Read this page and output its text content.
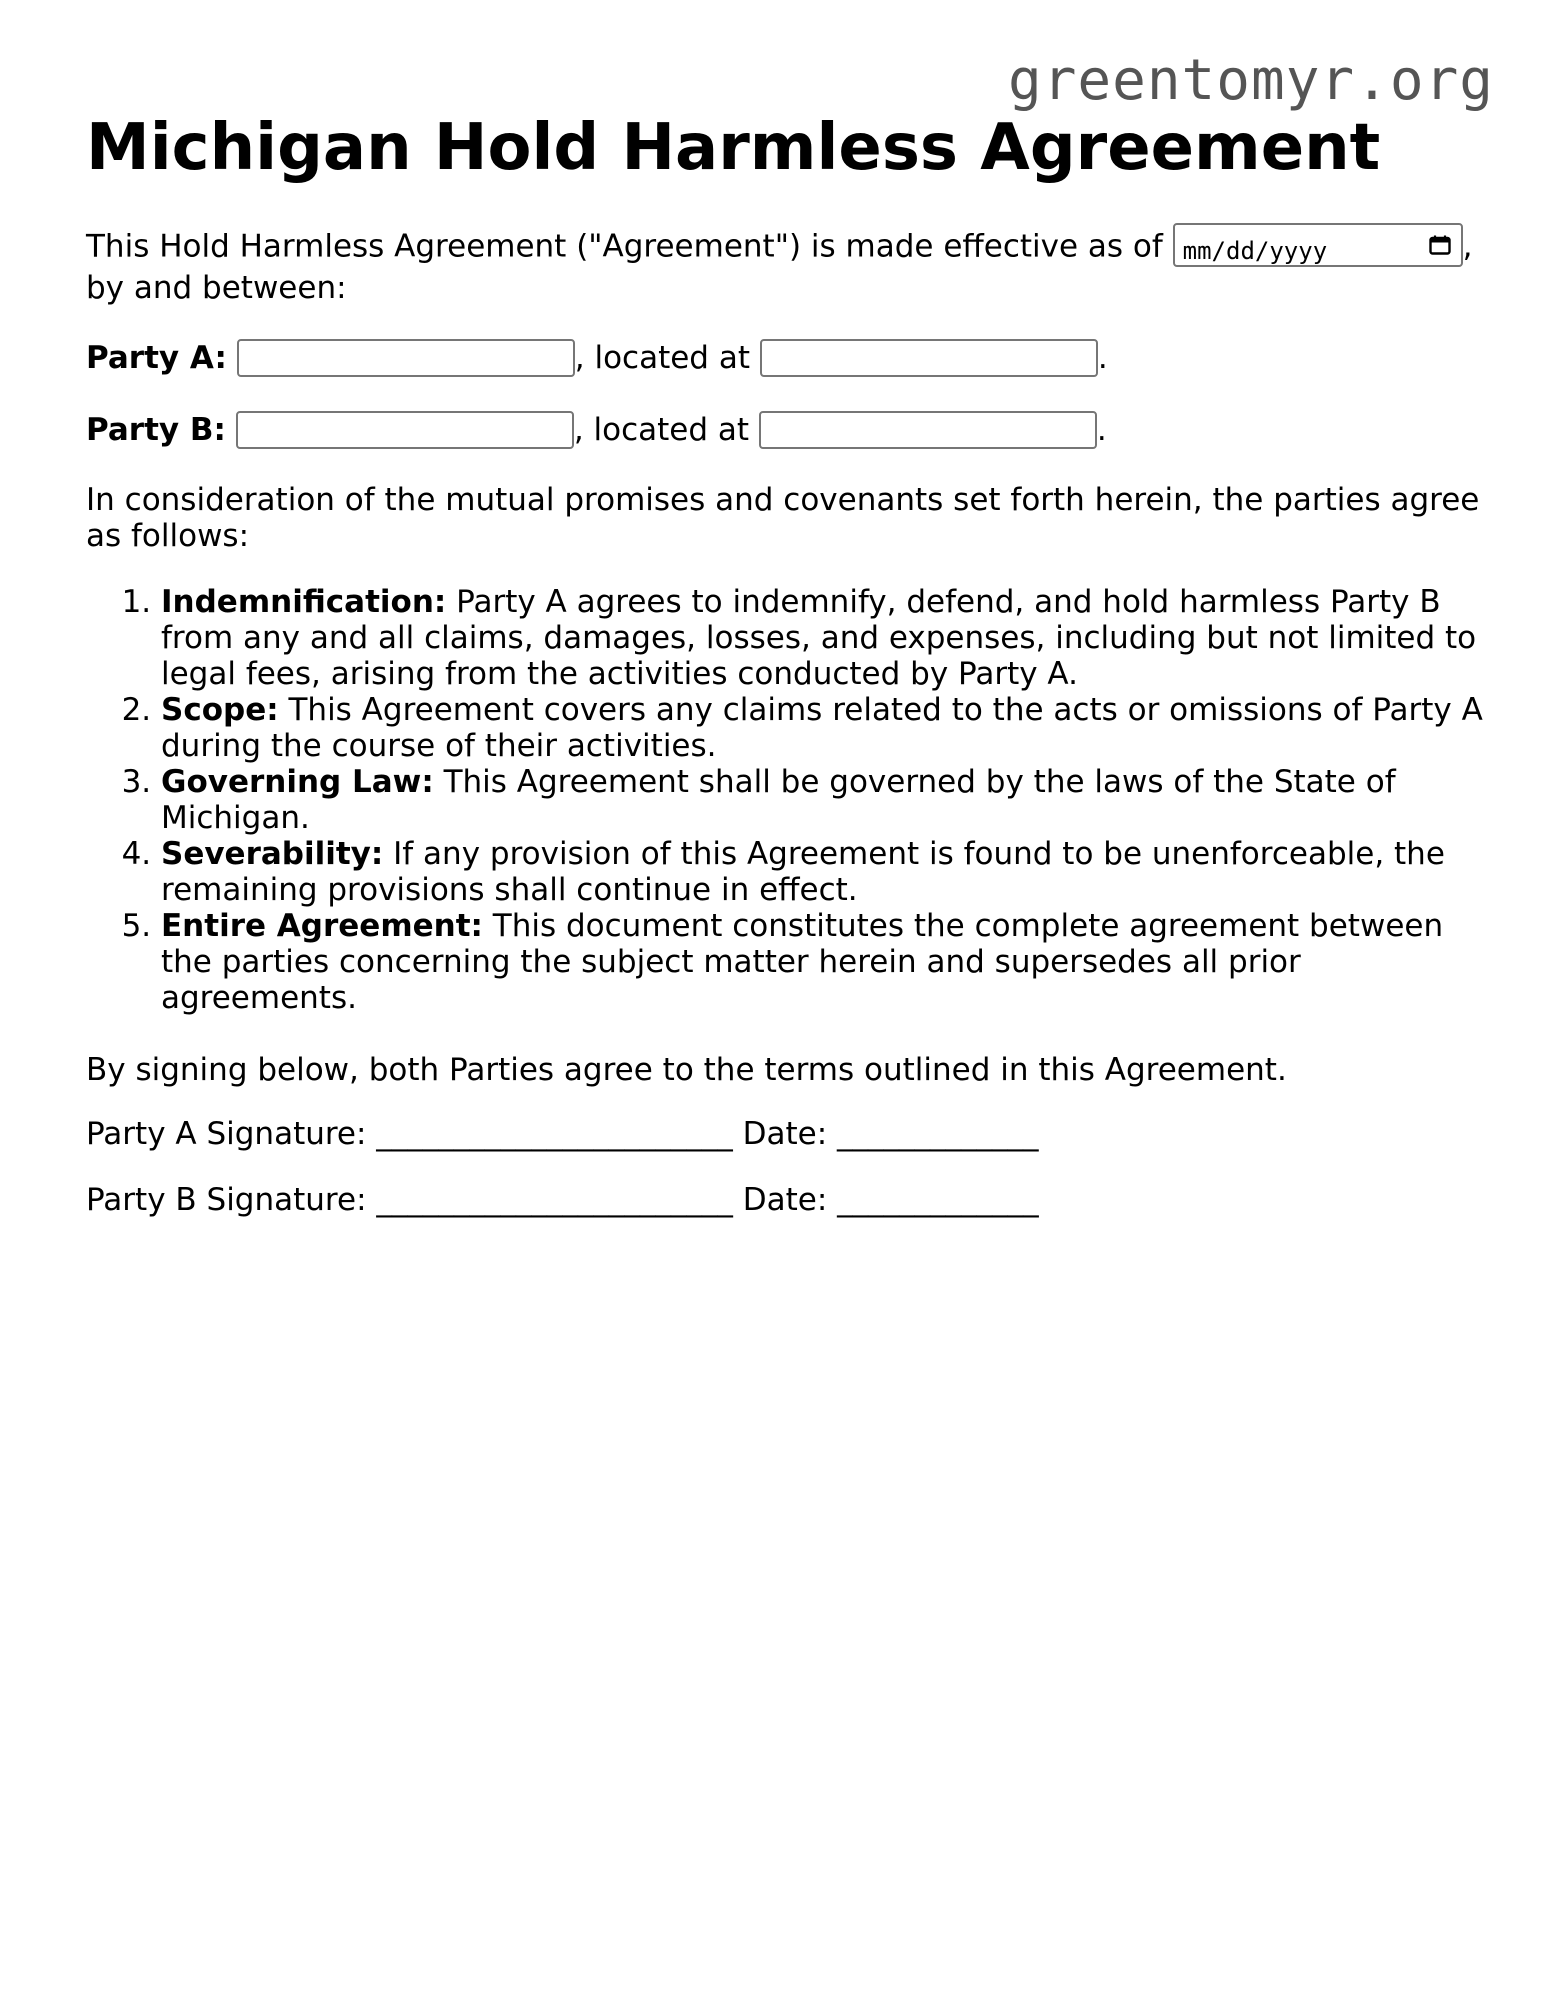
greentomyr.org
Michigan Hold Harmless Agreement

This Hold Harmless Agreement ("Agreement") is made effective as of mm/dd/yyyy	,
by and between:

Party A:	, located at	.
Party B:	, located at	.

In consideration of the mutual promises and covenants set forth herein, the parties agree as follows:

1. Indemnification: Party A agrees to indemnify, defend, and hold harmless Party B from any and all claims, damages, losses, and expenses, including but not limited to legal fees, arising from the activities conducted by Party A.
2. Scope: This Agreement covers any claims related to the acts or omissions of Party A during the course of their activities.
3. Governing Law: This Agreement shall be governed by the laws of the State of Michigan.
4. Severability: If any provision of this Agreement is found to be unenforceable, the remaining provisions shall continue in effect.
5. Entire Agreement: This document constitutes the complete agreement between the parties concerning the subject matter herein and supersedes all prior agreements.

By signing below, both Parties agree to the terms outlined in this Agreement.

Party A Signature: _______________________ Date: _____________

Party B Signature: _______________________ Date: _____________
